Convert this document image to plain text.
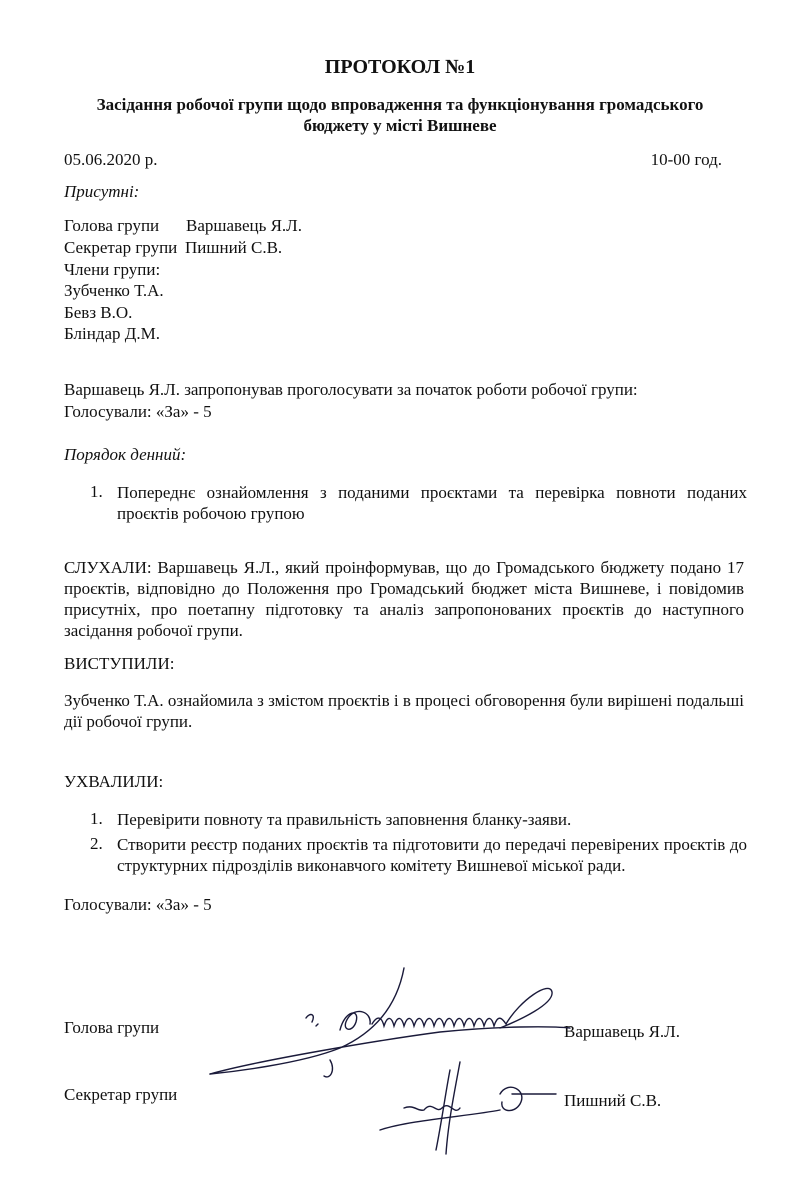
ПРОТОКОЛ №1
Засідання робочої групи щодо впровадження та функціонування громадського бюджету у місті Вишневе
05.06.2020 р.	10-00 год.
Присутні:
Голова групи Варшавець Я.Л.
Секретар групи Пишний С.В.
Члени групи:
Зубченко Т.А.
Бевз В.О.
Бліндар Д.М.
Варшавець Я.Л. запропонував проголосувати за початок роботи робочої групи:
Голосували: «За» - 5
Порядок денний:
1. Попереднє ознайомлення з поданими проєктами та перевірка повноти поданих проєктів робочою групою
СЛУХАЛИ: Варшавець Я.Л., який проінформував, що до Громадського бюджету подано 17 проєктів, відповідно до Положення про Громадський бюджет міста Вишневе, і повідомив присутніх, про поетапну підготовку та аналіз запропонованих проєктів до наступного засідання робочої групи.
ВИСТУПИЛИ:
Зубченко Т.А. ознайомила з змістом проєктів і в процесі обговорення були вирішені подальші дії робочої групи.
УХВАЛИЛИ:
1. Перевірити повноту та правильність заповнення бланку-заяви.
2. Створити реєстр поданих проєктів та підготовити до передачі перевірених проєктів до структурних підрозділів виконавчого комітету Вишневої міської ради.
Голосували: «За» - 5
Голова групи	Варшавець Я.Л.
Секретар групи	Пишний С.В.
